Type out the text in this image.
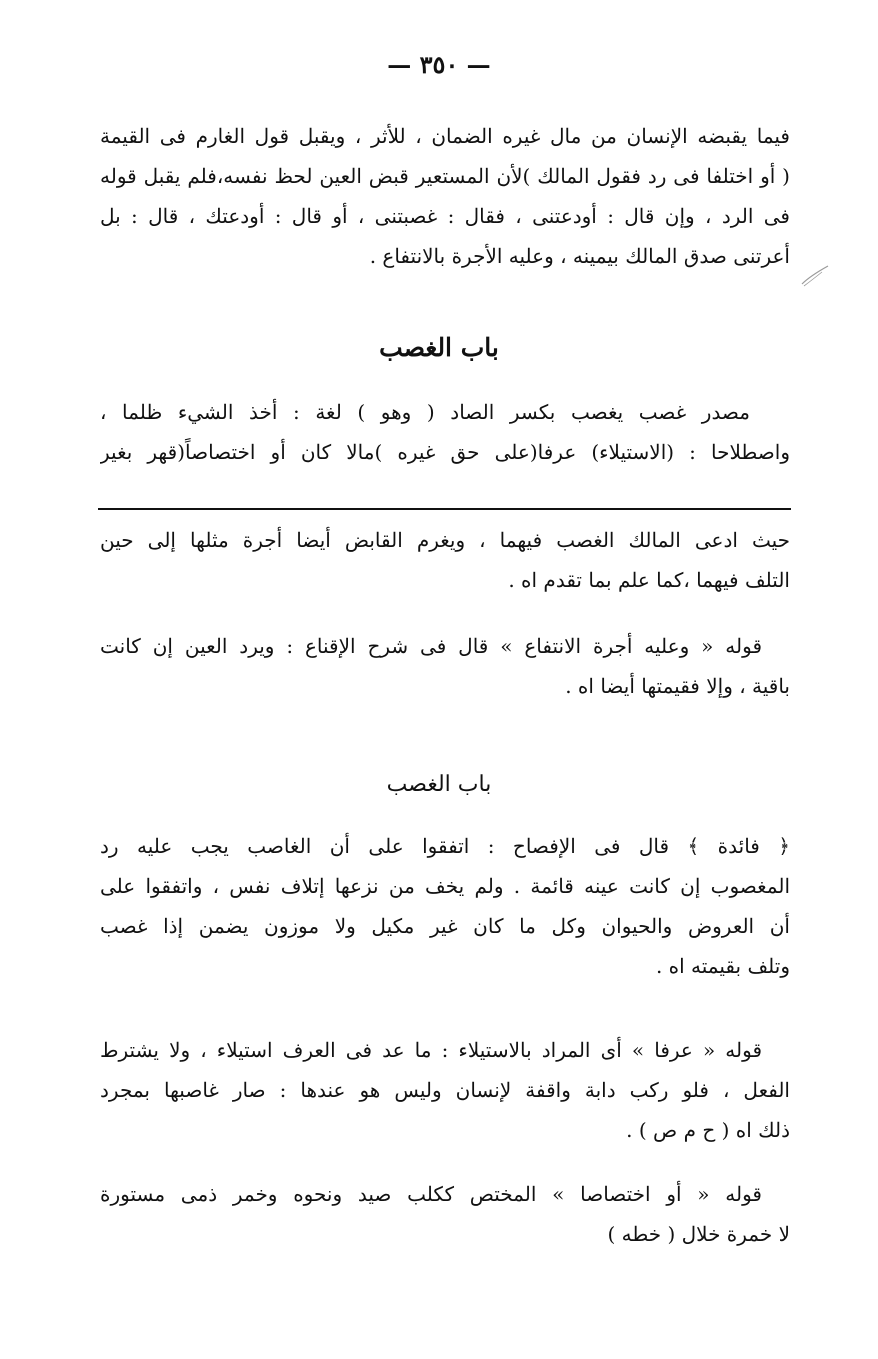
— ٣٥٠ —
فيما يقبضه الإنسان من مال غيره الضمان ، للأثر ، ويقبل قول الغارم فى القيمة
( أو اختلفا فى رد فقول المالك )لأن المستعير قبض العين لحظ نفسه،فلم يقبل قوله
فى الرد ، وإن قال : أودعتنى ، فقال : غصبتنى ، أو قال : أودعتك ، قال : بل
أعرتنى صدق المالك بيمينه ، وعليه الأجرة بالانتفاع .
باب الغصب
مصدر غصب يغصب بكسر الصاد ( وهو ) لغة : أخذ الشيء ظلما ،
واصطلاحا : (الاستيلاء) عرفا(على حق غيره )مالا كان أو اختصاصاً(قهر بغير
حيث ادعى المالك الغصب فيهما ، ويغرم القابض أيضا أجرة مثلها إلى حين
التلف فيهما ،كما علم بما تقدم اه .
قوله « وعليه أجرة الانتفاع » قال فى شرح الإقناع : ويرد العين إن كانت
باقية ، وإلا فقيمتها أيضا اه .
باب الغصب
﴿ فائدة ﴾ قال فى الإفصاح : اتفقوا على أن الغاصب يجب عليه رد
المغصوب إن كانت عينه قائمة . ولم يخف من نزعها إتلاف نفس ، واتفقوا على
أن العروض والحيوان وكل ما كان غير مكيل ولا موزون يضمن إذا غصب
وتلف بقيمته اه .
قوله « عرفا » أى المراد بالاستيلاء : ما عد فى العرف استيلاء ، ولا يشترط
الفعل ، فلو ركب دابة واقفة لإنسان وليس هو عندها : صار غاصبها بمجرد
ذلك اه ( ح م ص ) .
قوله « أو اختصاصا » المختص ككلب صيد ونحوه وخمر ذمى مستورة
لا خمرة خلال ( خطه )
